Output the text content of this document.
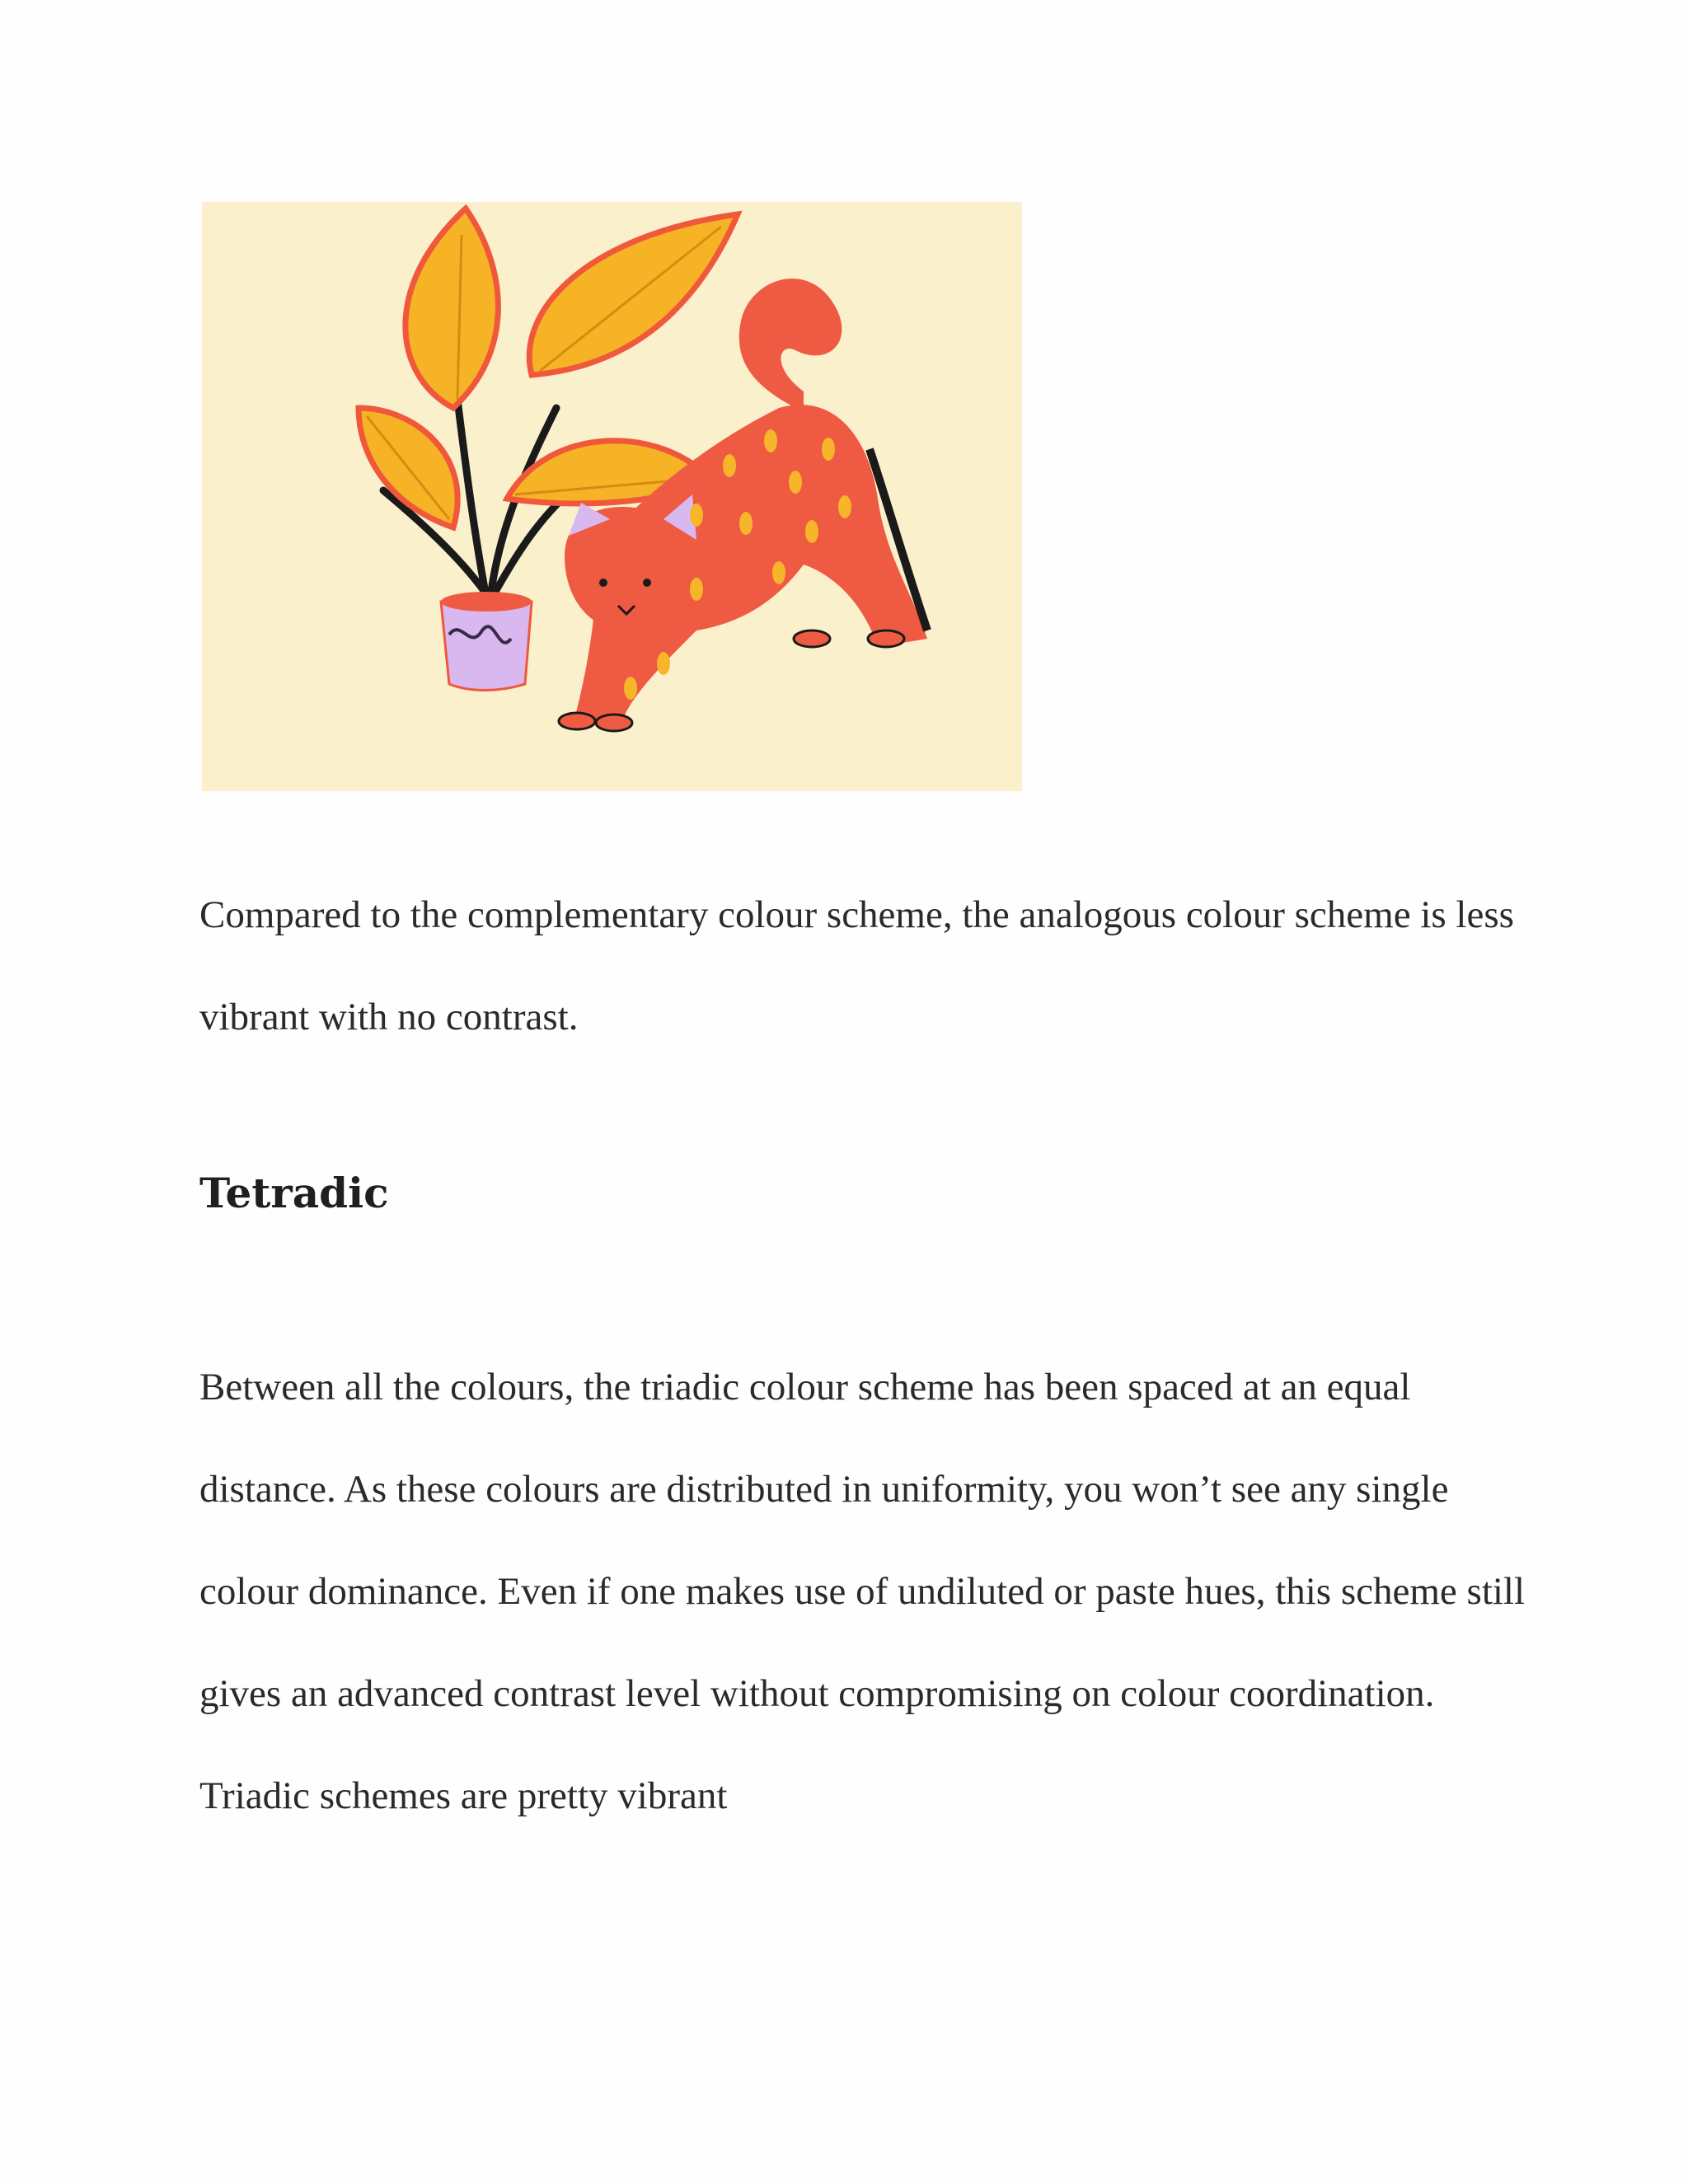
Compared to the complementary colour scheme, the analogous colour scheme is less vibrant with no contrast.

Tetradic

Between all the colours, the triadic colour scheme has been spaced at an equal distance. As these colours are distributed in uniformity, you won’t see any single colour dominance. Even if one makes use of undiluted or paste hues, this scheme still gives an advanced contrast level without compromising on colour coordination. Triadic schemes are pretty vibrant
